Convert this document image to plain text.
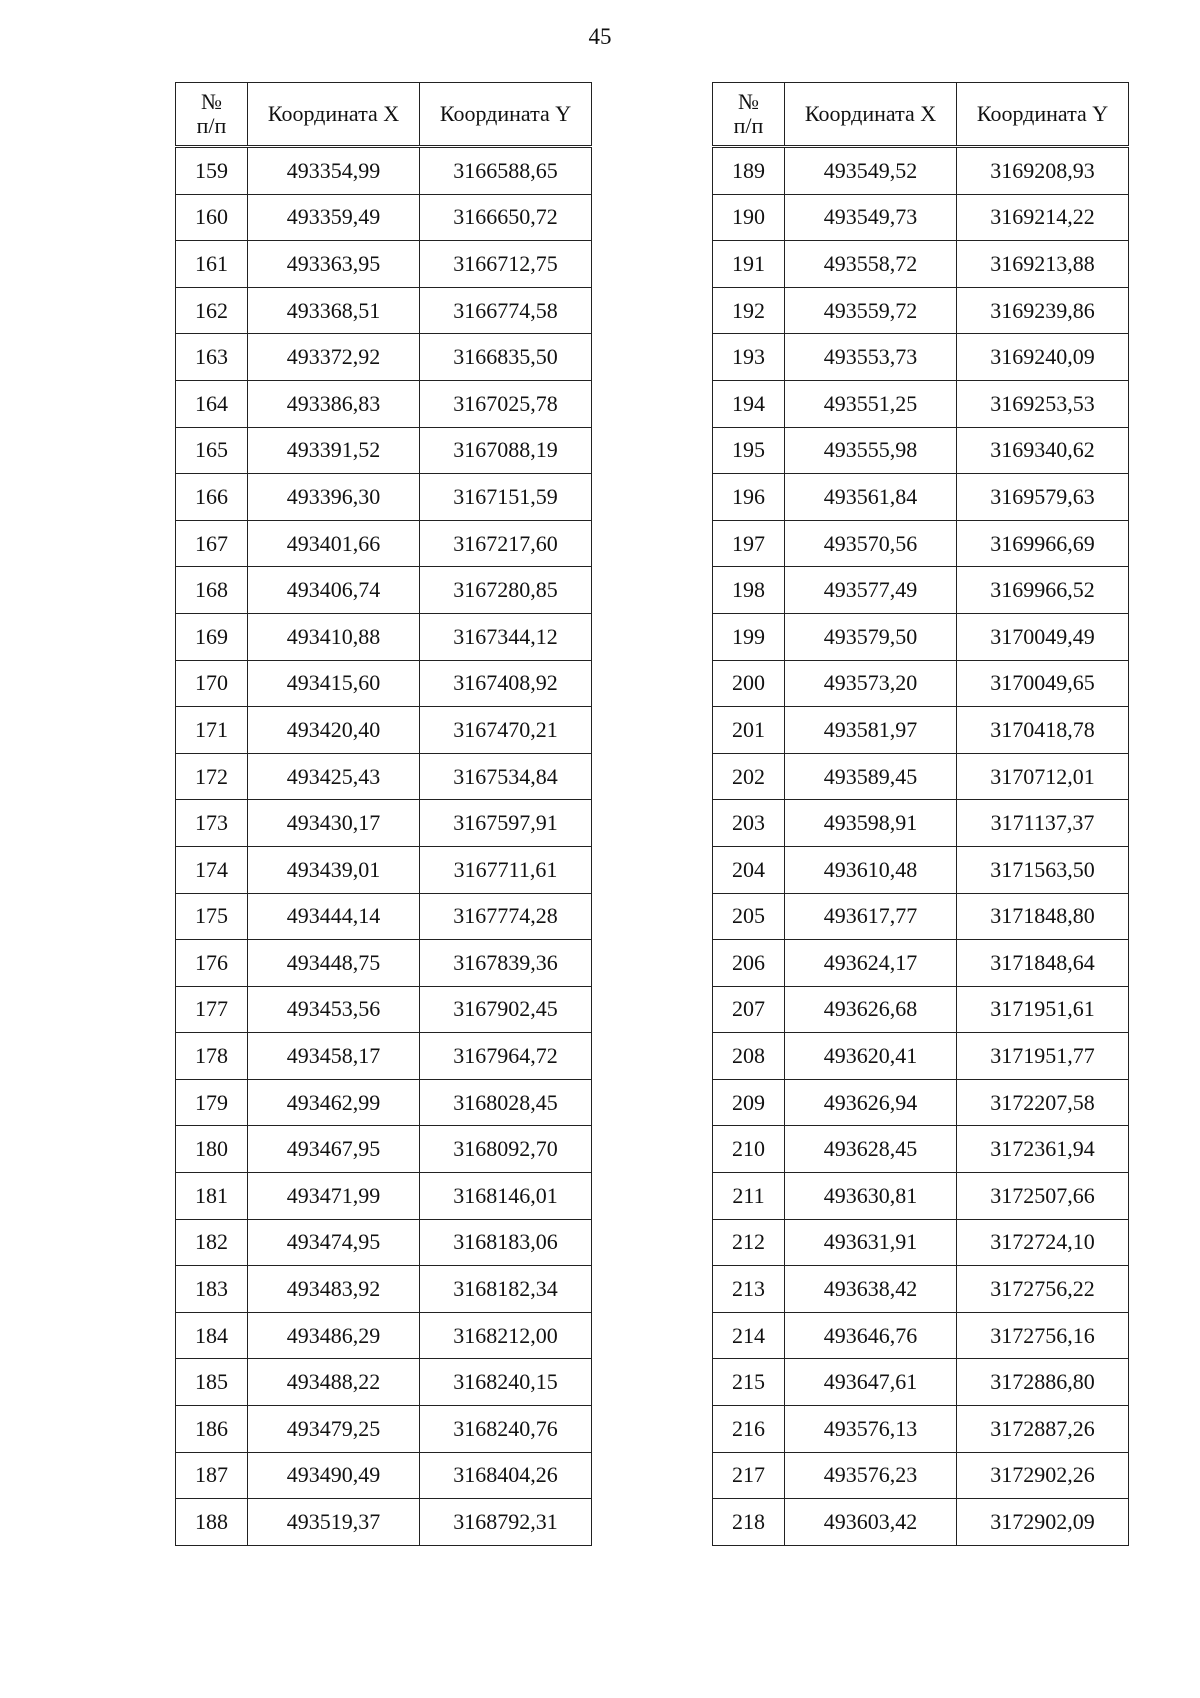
45
№
п/п	Координата X	Координата Y
159	493354,99	3166588,65
160	493359,49	3166650,72
161	493363,95	3166712,75
162	493368,51	3166774,58
163	493372,92	3166835,50
164	493386,83	3167025,78
165	493391,52	3167088,19
166	493396,30	3167151,59
167	493401,66	3167217,60
168	493406,74	3167280,85
169	493410,88	3167344,12
170	493415,60	3167408,92
171	493420,40	3167470,21
172	493425,43	3167534,84
173	493430,17	3167597,91
174	493439,01	3167711,61
175	493444,14	3167774,28
176	493448,75	3167839,36
177	493453,56	3167902,45
178	493458,17	3167964,72
179	493462,99	3168028,45
180	493467,95	3168092,70
181	493471,99	3168146,01
182	493474,95	3168183,06
183	493483,92	3168182,34
184	493486,29	3168212,00
185	493488,22	3168240,15
186	493479,25	3168240,76
187	493490,49	3168404,26
188	493519,37	3168792,31
№
п/п	Координата X	Координата Y
189	493549,52	3169208,93
190	493549,73	3169214,22
191	493558,72	3169213,88
192	493559,72	3169239,86
193	493553,73	3169240,09
194	493551,25	3169253,53
195	493555,98	3169340,62
196	493561,84	3169579,63
197	493570,56	3169966,69
198	493577,49	3169966,52
199	493579,50	3170049,49
200	493573,20	3170049,65
201	493581,97	3170418,78
202	493589,45	3170712,01
203	493598,91	3171137,37
204	493610,48	3171563,50
205	493617,77	3171848,80
206	493624,17	3171848,64
207	493626,68	3171951,61
208	493620,41	3171951,77
209	493626,94	3172207,58
210	493628,45	3172361,94
211	493630,81	3172507,66
212	493631,91	3172724,10
213	493638,42	3172756,22
214	493646,76	3172756,16
215	493647,61	3172886,80
216	493576,13	3172887,26
217	493576,23	3172902,26
218	493603,42	3172902,09
